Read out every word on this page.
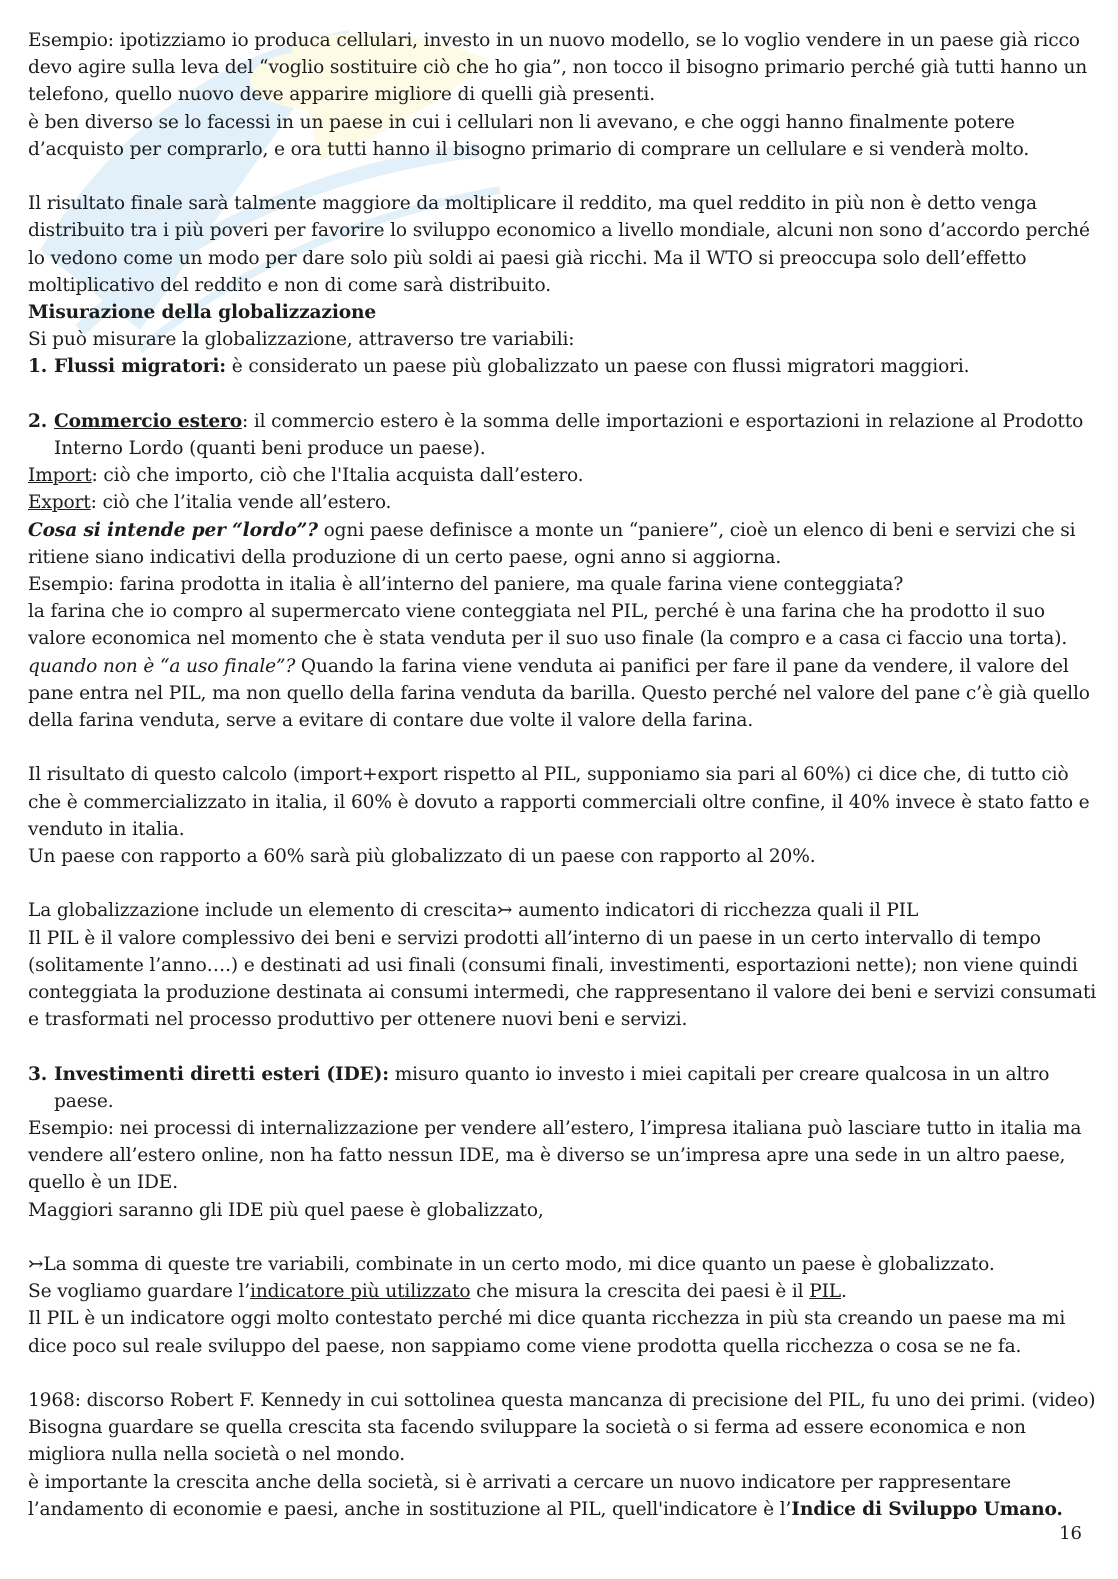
Esempio: ipotizziamo io produca cellulari, investo in un nuovo modello, se lo voglio vendere in un paese già ricco devo agire sulla leva del “voglio sostituire ciò che ho gia”, non tocco il bisogno primario perché già tutti hanno un telefono, quello nuovo deve apparire migliore di quelli già presenti.

è ben diverso se lo facessi in un paese in cui i cellulari non li avevano, e che oggi hanno finalmente potere d’acquisto per comprarlo, e ora tutti hanno il bisogno primario di comprare un cellulare e si venderà molto.

Il risultato finale sarà talmente maggiore da moltiplicare il reddito, ma quel reddito in più non è detto venga distribuito tra i più poveri per favorire lo sviluppo economico a livello mondiale, alcuni non sono d’accordo perché lo vedono come un modo per dare solo più soldi ai paesi già ricchi. Ma il WTO si preoccupa solo dell’effetto moltiplicativo del reddito e non di come sarà distribuito.

Misurazione della globalizzazione

Si può misurare la globalizzazione, attraverso tre variabili:

1. Flussi migratori: è considerato un paese più globalizzato un paese con flussi migratori maggiori.
2. Commercio estero: il commercio estero è la somma delle importazioni e esportazioni in relazione al Prodotto Interno Lordo (quanti beni produce un paese).

Import: ciò che importo, ciò che l'Italia acquista dall’estero.

Export: ciò che l’italia vende all’estero.

Cosa si intende per “lordo”? ogni paese definisce a monte un “paniere”, cioè un elenco di beni e servizi che si ritiene siano indicativi della produzione di un certo paese, ogni anno si aggiorna.

Esempio: farina prodotta in italia è all’interno del paniere, ma quale farina viene conteggiata?

la farina che io compro al supermercato viene conteggiata nel PIL, perché è una farina che ha prodotto il suo valore economica nel momento che è stata venduta per il suo uso finale (la compro e a casa ci faccio una torta).

quando non è “a uso finale”? Quando la farina viene venduta ai panifici per fare il pane da vendere, il valore del pane entra nel PIL, ma non quello della farina venduta da barilla. Questo perché nel valore del pane c’è già quello della farina venduta, serve a evitare di contare due volte il valore della farina.

Il risultato di questo calcolo (import+export rispetto al PIL, supponiamo sia pari al 60%) ci dice che, di tutto ciò che è commercializzato in italia, il 60% è dovuto a rapporti commerciali oltre confine, il 40% invece è stato fatto e venduto in italia.

Un paese con rapporto a 60% sarà più globalizzato di un paese con rapporto al 20%.

La globalizzazione include un elemento di crescita↣ aumento indicatori di ricchezza quali il PIL

Il PIL è il valore complessivo dei beni e servizi prodotti all’interno di un paese in un certo intervallo di tempo (solitamente l’anno….) e destinati ad usi finali (consumi finali, investimenti, esportazioni nette); non viene quindi conteggiata la produzione destinata ai consumi intermedi, che rappresentano il valore dei beni e servizi consumati e trasformati nel processo produttivo per ottenere nuovi beni e servizi.

3. Investimenti diretti esteri (IDE): misuro quanto io investo i miei capitali per creare qualcosa in un altro paese.

Esempio: nei processi di internalizzazione per vendere all’estero, l’impresa italiana può lasciare tutto in italia ma vendere all’estero online, non ha fatto nessun IDE, ma è diverso se un’impresa apre una sede in un altro paese, quello è un IDE.

Maggiori saranno gli IDE più quel paese è globalizzato,

↣La somma di queste tre variabili, combinate in un certo modo, mi dice quanto un paese è globalizzato.

Se vogliamo guardare l’indicatore più utilizzato che misura la crescita dei paesi è il PIL.

Il PIL è un indicatore oggi molto contestato perché mi dice quanta ricchezza in più sta creando un paese ma mi dice poco sul reale sviluppo del paese, non sappiamo come viene prodotta quella ricchezza o cosa se ne fa.

1968: discorso Robert F. Kennedy in cui sottolinea questa mancanza di precisione del PIL, fu uno dei primi. (video)

Bisogna guardare se quella crescita sta facendo sviluppare la società o si ferma ad essere economica e non migliora nulla nella società o nel mondo.

è importante la crescita anche della società, si è arrivati a cercare un nuovo indicatore per rappresentare l’andamento di economie e paesi, anche in sostituzione al PIL, quell'indicatore è l’Indice di Sviluppo Umano.

16
